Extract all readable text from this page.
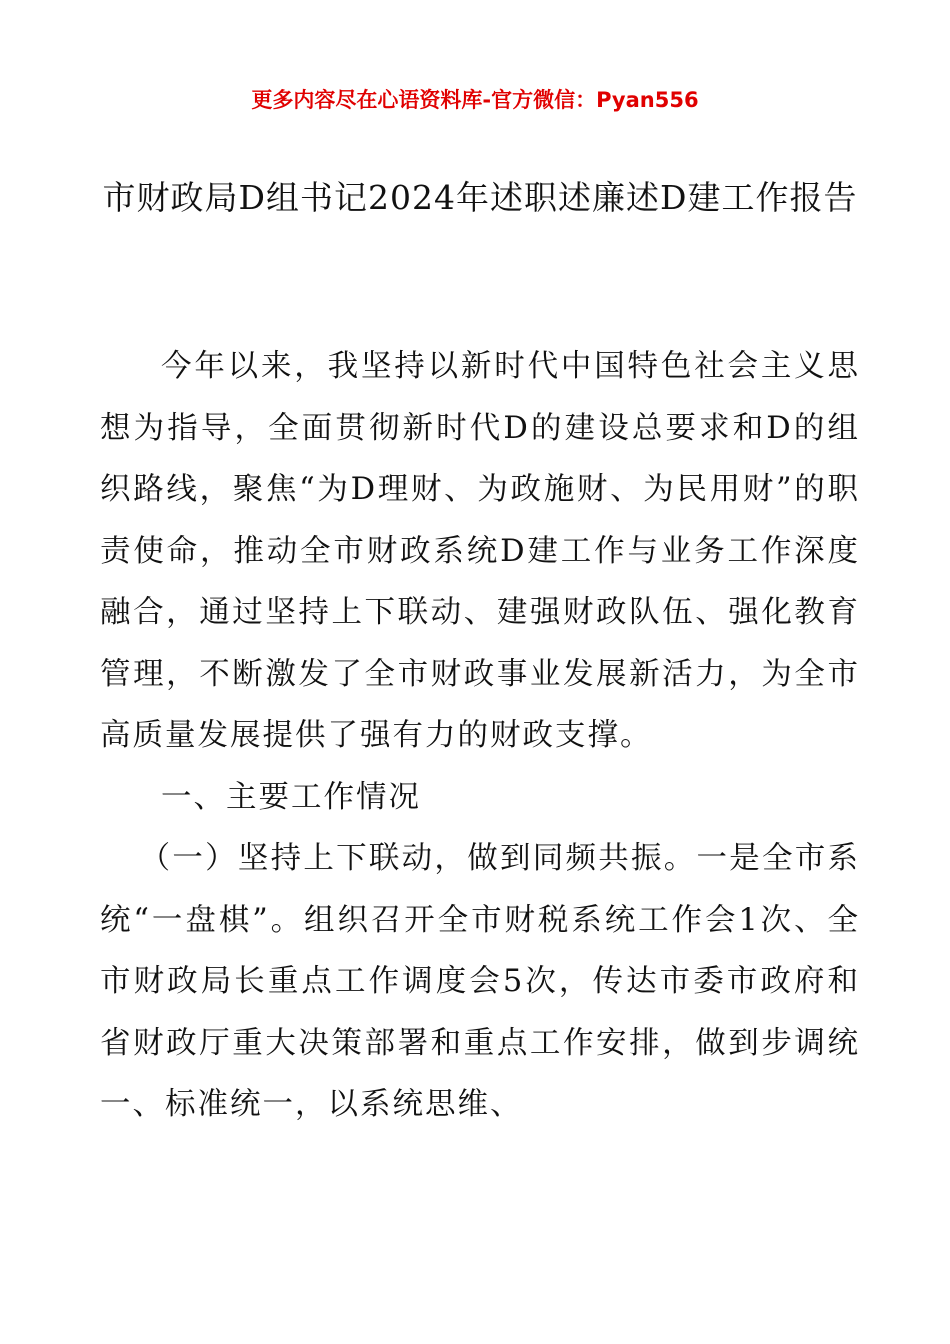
更多内容尽在心语资料库-官方微信：Pyan556
市财政局D组书记2024年述职述廉述D建工作报告

今年以来，我坚持以新时代中国特色社会主义思想为指导，全面贯彻新时代D的建设总要求和D的组织路线，聚焦“为D理财、为政施财、为民用财”的职责使命，推动全市财政系统D建工作与业务工作深度融合，通过坚持上下联动、建强财政队伍、强化教育管理，不断激发了全市财政事业发展新活力，为全市高质量发展提供了强有力的财政支撑。

一、主要工作情况

（一）坚持上下联动，做到同频共振。一是全市系统“一盘棋”。组织召开全市财税系统工作会1次、全市财政局长重点工作调度会5次，传达市委市政府和省财政厅重大决策部署和重点工作安排，做到步调统一、标准统一，以系统思维、
